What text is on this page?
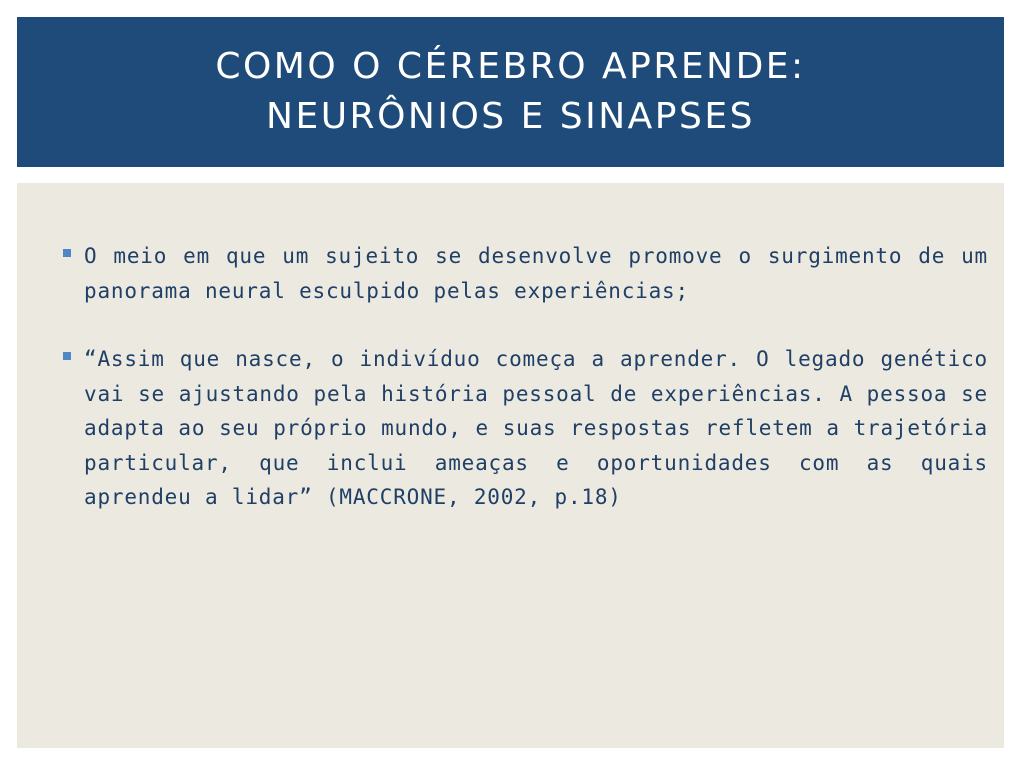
COMO O CÉREBRO APRENDE:
NEURÔNIOS E SINAPSES
O meio em que um sujeito se desenvolve promove o surgimento de um panorama neural esculpido pelas experiências;
“Assim que nasce, o indivíduo começa a aprender. O legado genético vai se ajustando pela história pessoal de experiências. A pessoa se adapta ao seu próprio mundo, e suas respostas refletem a trajetória particular, que inclui ameaças e oportunidades com as quais aprendeu a lidar” (MACCRONE, 2002, p.18)
